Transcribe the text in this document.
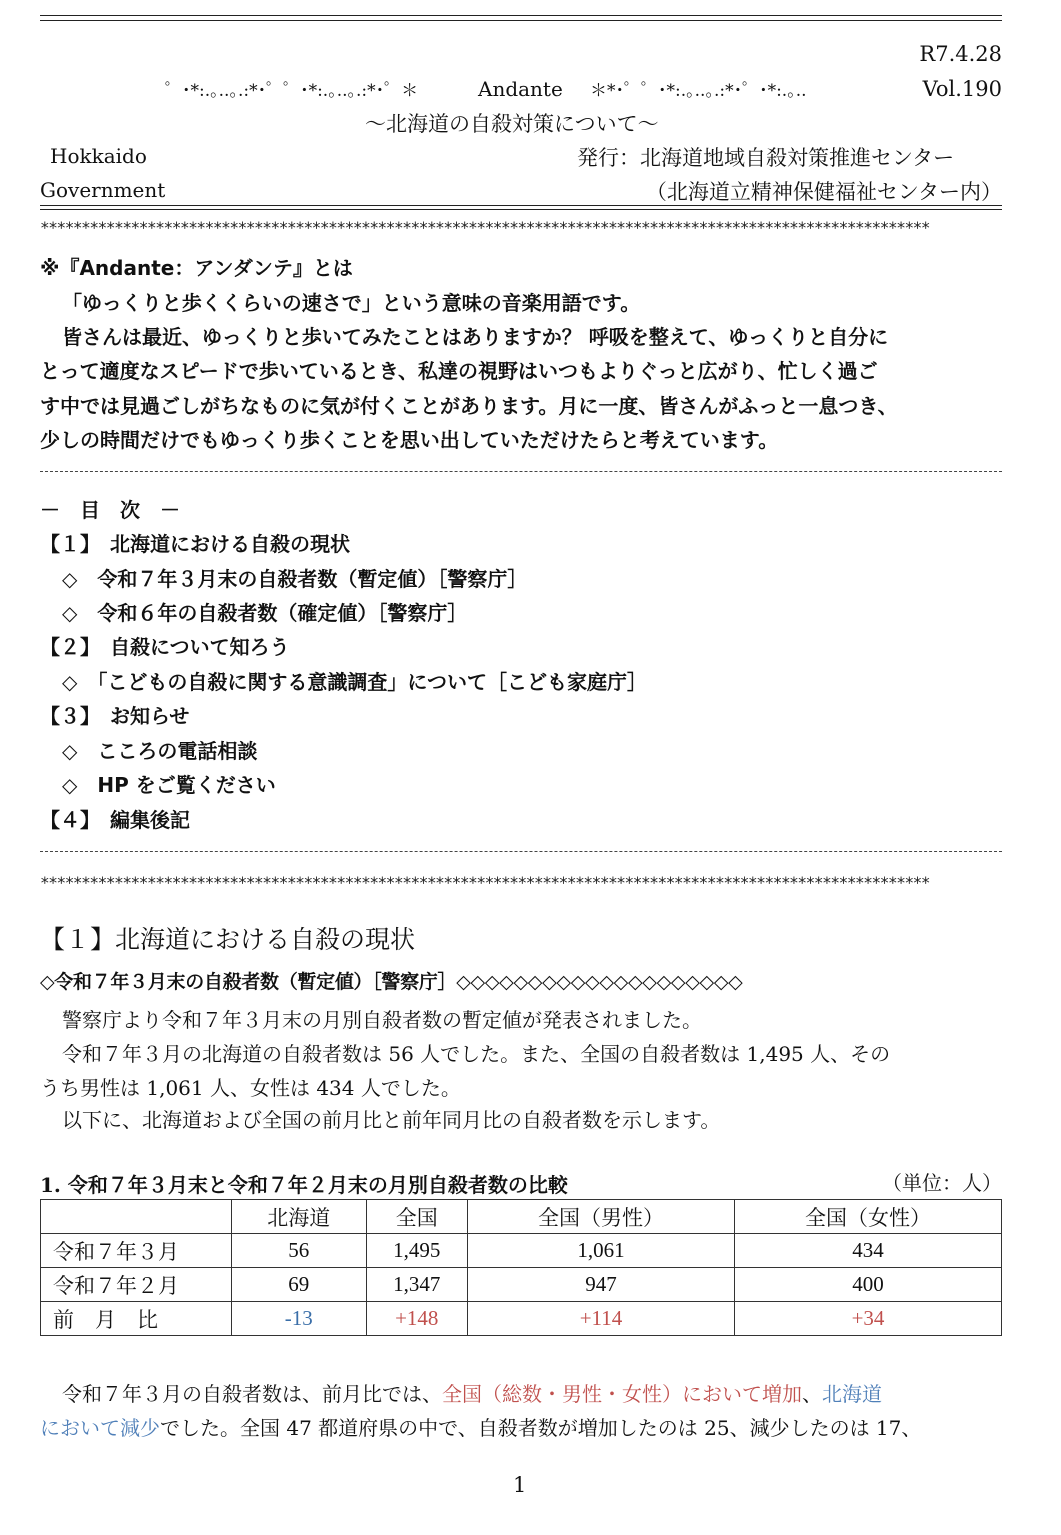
R7.4.28
゜･*:.｡..｡.:*･゜゜･*:.｡..｡.:*･゜＊	Andante ＊*･゜゜･*:.｡..｡.:*･゜･*:.｡..	Vol.190
～北海道の自殺対策について～
Hokkaido	発行：北海道地域自殺対策推進センター
Government	（北海道立精神保健福祉センター内）
************************************************************************************************************
※『Andante：アンダンテ』とは
「ゆっくりと歩くくらいの速さで」という意味の音楽用語です。
皆さんは最近、ゆっくりと歩いてみたことはありますか？ 呼吸を整えて、ゆっくりと自分に
とって適度なスピードで歩いているとき、私達の視野はいつもよりぐっと広がり、忙しく過ご
す中では見過ごしがちなものに気が付くことがあります。月に一度、皆さんがふっと一息つき、
少しの時間だけでもゆっくり歩くことを思い出していただけたらと考えています。
－　目　次　－
【１】　北海道における自殺の現状
◇　令和７年３月末の自殺者数（暫定値）［警察庁］
◇　令和６年の自殺者数（確定値）［警察庁］
【２】　自殺について知ろう
◇　「こどもの自殺に関する意識調査」について［こども家庭庁］
【３】　お知らせ
◇　こころの電話相談
◇　HP をご覧ください
【４】　編集後記
************************************************************************************************************
【１】北海道における自殺の現状
◇令和７年３月末の自殺者数（暫定値）［警察庁］◇◇◇◇◇◇◇◇◇◇◇◇◇◇◇◇◇◇◇◇
警察庁より令和７年３月末の月別自殺者数の暫定値が発表されました。
令和７年３月の北海道の自殺者数は 56 人でした。また、全国の自殺者数は 1,495 人、その
うち男性は 1,061 人、女性は 434 人でした。
以下に、北海道および全国の前月比と前年同月比の自殺者数を示します。
1. 令和７年３月末と令和７年２月末の月別自殺者数の比較	（単位：人）
	北海道	全国	全国（男性）	全国（女性）
令和７年３月	56	1,495	1,061	434
令和７年２月	69	1,347	947	400
前　月　比	-13	+148	+114	+34
令和７年３月の自殺者数は、前月比では、全国（総数・男性・女性）において増加、北海道
において減少でした。全国 47 都道府県の中で、自殺者数が増加したのは 25、減少したのは 17、
1
